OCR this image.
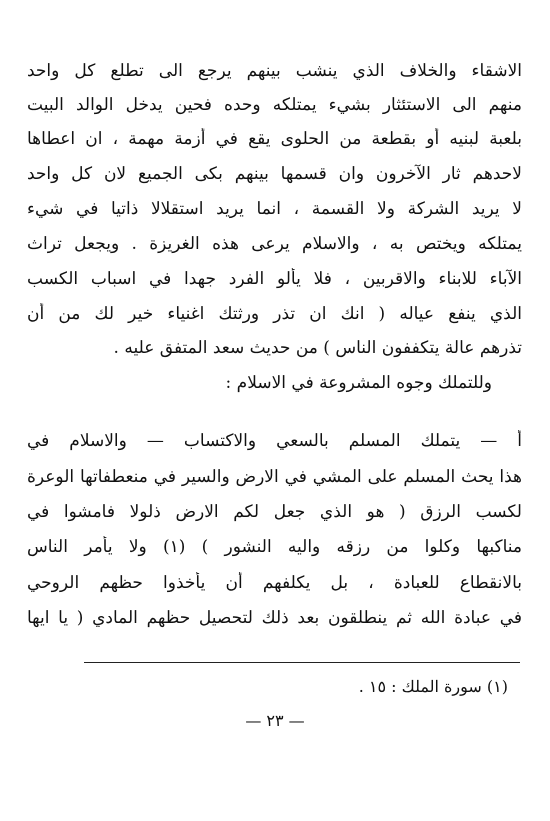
الاشقاء والخلاف الذي ينشب بينهم يرجع الى تطلع كل واحد
منهم الى الاستئثار بشيء يمتلكه وحده فحين يدخل الوالد البيت
بلعبة لبنيه أو بقطعة من الحلوى يقع في أزمة مهمة ، ان اعطاها
لاحدهم ثار الآخرون وان قسمها بينهم بكى الجميع لان كل واحد
لا يريد الشركة ولا القسمة ، انما يريد استقلالا ذاتيا في شيء
يمتلكه ويختص به ، والاسلام يرعى هذه الغريزة . ويجعل تراث
الآباء للابناء والاقربين ، فلا يألو الفرد جهدا في اسباب الكسب
الذي ينفع عياله ( انك ان تذر ورثتك اغنياء خير لك من أن
تذرهم عالة يتكففون الناس ) من حديث سعد المتفق عليه .
وللتملك وجوه المشروعة في الاسلام :
أ — يتملك المسلم بالسعي والاكتساب — والاسلام في
هذا يحث المسلم على المشي في الارض والسير في منعطفاتها الوعرة
لكسب الرزق ( هو الذي جعل لكم الارض ذلولا فامشوا في
مناكبها وكلوا من رزقه واليه النشور ) (١) ولا يأمر الناس
بالانقطاع للعبادة ، بل يكلفهم أن يأخذوا حظهم الروحي
في عبادة الله ثم ينطلقون بعد ذلك لتحصيل حظهم المادي ( يا ايها
(١) سورة الملك : ١٥ .
— ٢٣ —
